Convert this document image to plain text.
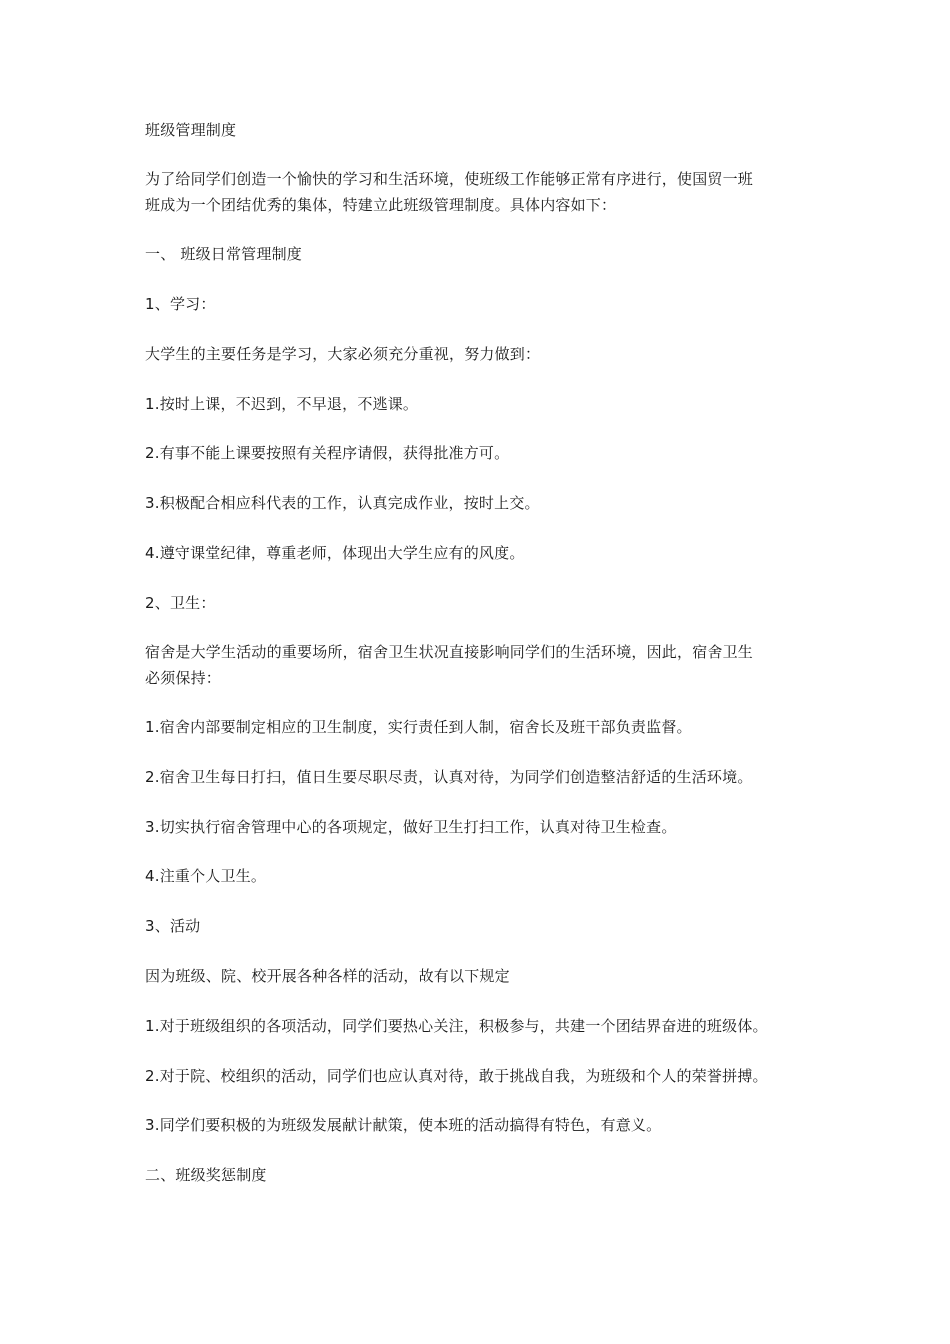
班级管理制度
为了给同学们创造一个愉快的学习和生活环境，使班级工作能够正常有序进行，使国贸一班
班成为一个团结优秀的集体，特建立此班级管理制度。具体内容如下：
一、 班级日常管理制度
1、学习：
大学生的主要任务是学习，大家必须充分重视，努力做到：
1.按时上课，不迟到，不早退，不逃课。
2.有事不能上课要按照有关程序请假，获得批准方可。
3.积极配合相应科代表的工作，认真完成作业，按时上交。
4.遵守课堂纪律，尊重老师，体现出大学生应有的风度。
2、卫生：
宿舍是大学生活动的重要场所，宿舍卫生状况直接影响同学们的生活环境，因此，宿舍卫生
必须保持：
1.宿舍内部要制定相应的卫生制度，实行责任到人制，宿舍长及班干部负责监督。
2.宿舍卫生每日打扫，值日生要尽职尽责，认真对待，为同学们创造整洁舒适的生活环境。
3.切实执行宿舍管理中心的各项规定，做好卫生打扫工作，认真对待卫生检查。
4.注重个人卫生。
3、活动
因为班级、院、校开展各种各样的活动，故有以下规定
1.对于班级组织的各项活动，同学们要热心关注，积极参与，共建一个团结界奋进的班级体。
2.对于院、校组织的活动，同学们也应认真对待，敢于挑战自我，为班级和个人的荣誉拼搏。
3.同学们要积极的为班级发展献计献策，使本班的活动搞得有特色，有意义。
二、班级奖惩制度
